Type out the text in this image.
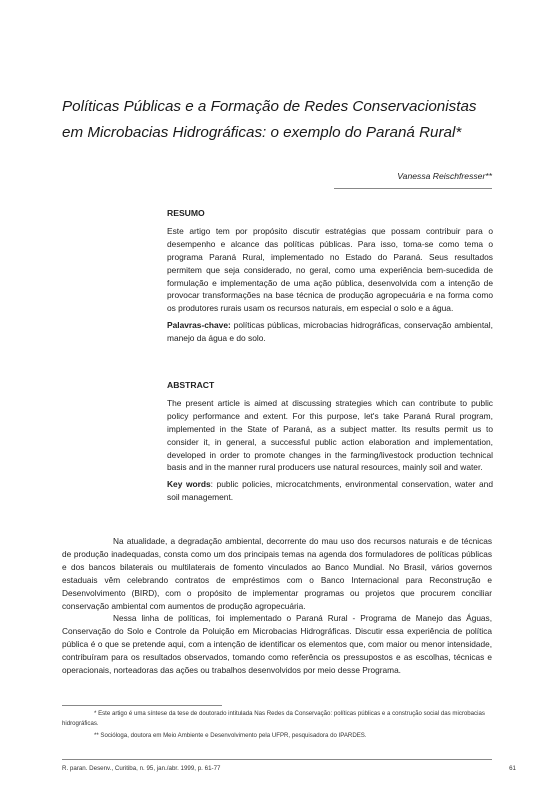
Políticas Públicas e a Formação de Redes Conservacionistas
em Microbacias Hidrográficas: o exemplo do Paraná Rural*
Vanessa Reischfresser**
RESUMO

Este artigo tem por propósito discutir estratégias que possam contribuir para o desempenho e alcance das políticas públicas. Para isso, toma-se como tema o programa Paraná Rural, implementado no Estado do Paraná. Seus resultados permitem que seja considerado, no geral, como uma experiência bem-sucedida de formulação e implementação de uma ação pública, desenvolvida com a intenção de provocar transformações na base técnica de produção agropecuária e na forma como os produtores rurais usam os recursos naturais, em especial o solo e a água.

Palavras-chave: políticas públicas, microbacias hidrográficas, conservação ambiental, manejo da água e do solo.

ABSTRACT

The present article is aimed at discussing strategies which can contribute to public policy performance and extent. For this purpose, let's take Paraná Rural program, implemented in the State of Paraná, as a subject matter. Its results permit us to consider it, in general, a successful public action elaboration and implementation, developed in order to promote changes in the farming/livestock production technical basis and in the manner rural producers use natural resources, mainly soil and water.

Key words: public policies, microcatchments, environmental conservation, water and soil management.

Na atualidade, a degradação ambiental, decorrente do mau uso dos recursos naturais e de técnicas de produção inadequadas, consta como um dos principais temas na agenda dos formuladores de políticas públicas e dos bancos bilaterais ou multilaterais de fomento vinculados ao Banco Mundial. No Brasil, vários governos estaduais vêm celebrando contratos de empréstimos com o Banco Internacional para Reconstrução e Desenvolvimento (BIRD), com o propósito de implementar programas ou projetos que procurem conciliar conservação ambiental com aumentos de produção agropecuária.

Nessa linha de políticas, foi implementado o Paraná Rural - Programa de Manejo das Águas, Conservação do Solo e Controle da Poluição em Microbacias Hidrográficas. Discutir essa experiência de política pública é o que se pretende aqui, com a intenção de identificar os elementos que, com maior ou menor intensidade, contribuíram para os resultados observados, tomando como referência os pressupostos e as escolhas, técnicas e operacionais, norteadoras das ações ou trabalhos desenvolvidos por meio desse Programa.

* Este artigo é uma síntese da tese de doutorado intitulada Nas Redes da Conservação: políticas públicas e a construção social das microbacias hidrográficas.

** Socióloga, doutora em Meio Ambiente e Desenvolvimento pela UFPR, pesquisadora do IPARDES.

R. paran. Desenv., Curitiba, n. 95, jan./abr. 1999, p. 61-77	61
